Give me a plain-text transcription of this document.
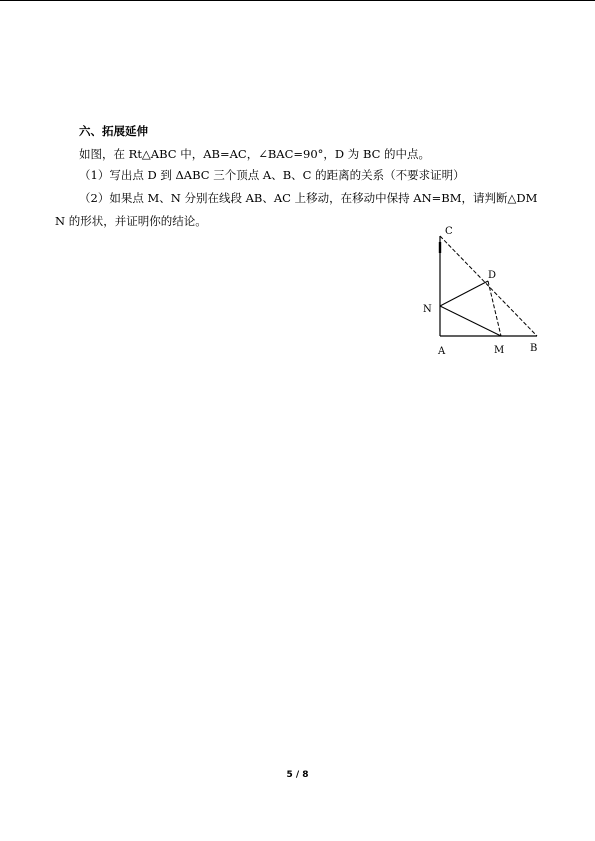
六、拓展延伸
如图，在 Rt△ABC 中，AB=AC，∠BAC=90°，D 为 BC 的中点。
（1）写出点 D 到 ΔABC 三个顶点 A、B、C 的距离的关系（不要求证明）
（2）如果点 M、N 分别在线段 AB、AC 上移动，在移动中保持 AN=BM，请判断△DM
N 的形状，并证明你的结论。
C
D
N
A	M	B
5 / 8
